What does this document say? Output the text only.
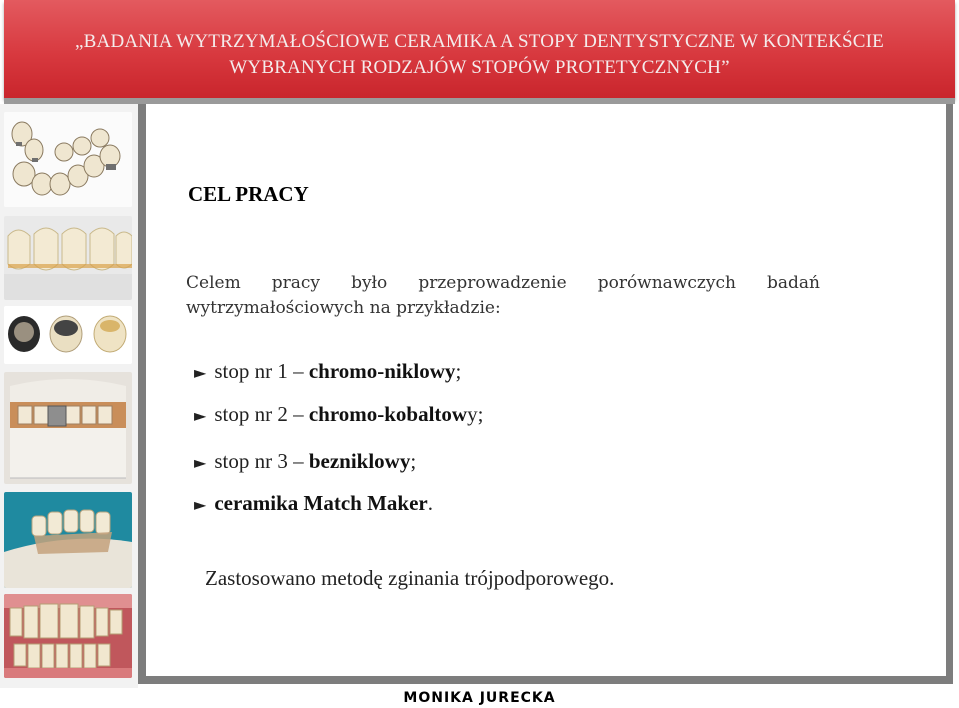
„BADANIA WYTRZYMAŁOŚCIOWE CERAMIKA A STOPY DENTYSTYCZNE W KONTEKŚCIE
WYBRANYCH RODZAJÓW STOPÓW PROTETYCZNYCH”
CEL PRACY
Celem pracy było przeprowadzenie porównawczych badań
wytrzymałościowych na przykładzie:
► stop nr 1 – chromo-niklowy;
► stop nr 2 – chromo-kobaltowy;
► stop nr 3 – bezniklowy;
► ceramika Match Maker.
Zastosowano metodę zginania trójpodporowego.
MONIKA JURECKA
